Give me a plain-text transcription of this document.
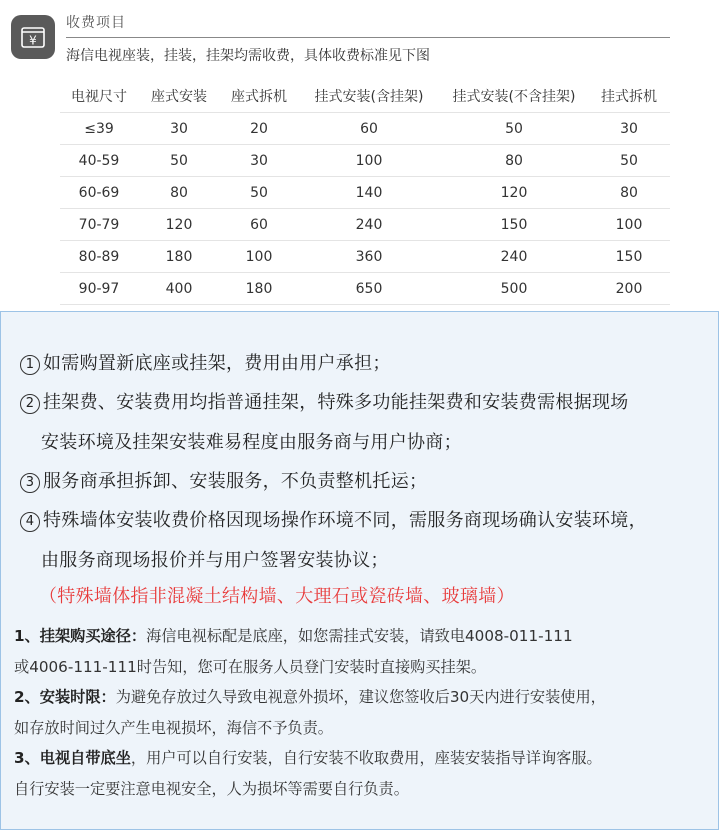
¥
收费项目
海信电视座装，挂装，挂架均需收费，具体收费标准见下图
电视尺寸	座式安装	座式拆机	挂式安装(含挂架)	挂式安装(不含挂架)	挂式拆机
≤39	30	20	60	50	30
40-59	50	30	100	80	50
60-69	80	50	140	120	80
70-79	120	60	240	150	100
80-89	180	100	360	240	150
90-97	400	180	650	500	200
1 如需购置新底座或挂架，费用由用户承担；
2 挂架费、安装费用均指普通挂架，特殊多功能挂架费和安装费需根据现场
安装环境及挂架安装难易程度由服务商与用户协商；
3 服务商承担拆卸、安装服务，不负责整机托运；
4 特殊墙体安装收费价格因现场操作环境不同，需服务商现场确认安装环境，
由服务商现场报价并与用户签署安装协议；
（特殊墙体指非混凝土结构墙、大理石或瓷砖墙、玻璃墙）
1、挂架购买途径：海信电视标配是底座，如您需挂式安装，请致电4008-011-111
或4006-111-111时告知，您可在服务人员登门安装时直接购买挂架。
2、安装时限：为避免存放过久导致电视意外损坏，建议您签收后30天内进行安装使用，
如存放时间过久产生电视损坏，海信不予负责。
3、电视自带底坐，用户可以自行安装，自行安装不收取费用，座装安装指导详询客服。
自行安装一定要注意电视安全，人为损坏等需要自行负责。
